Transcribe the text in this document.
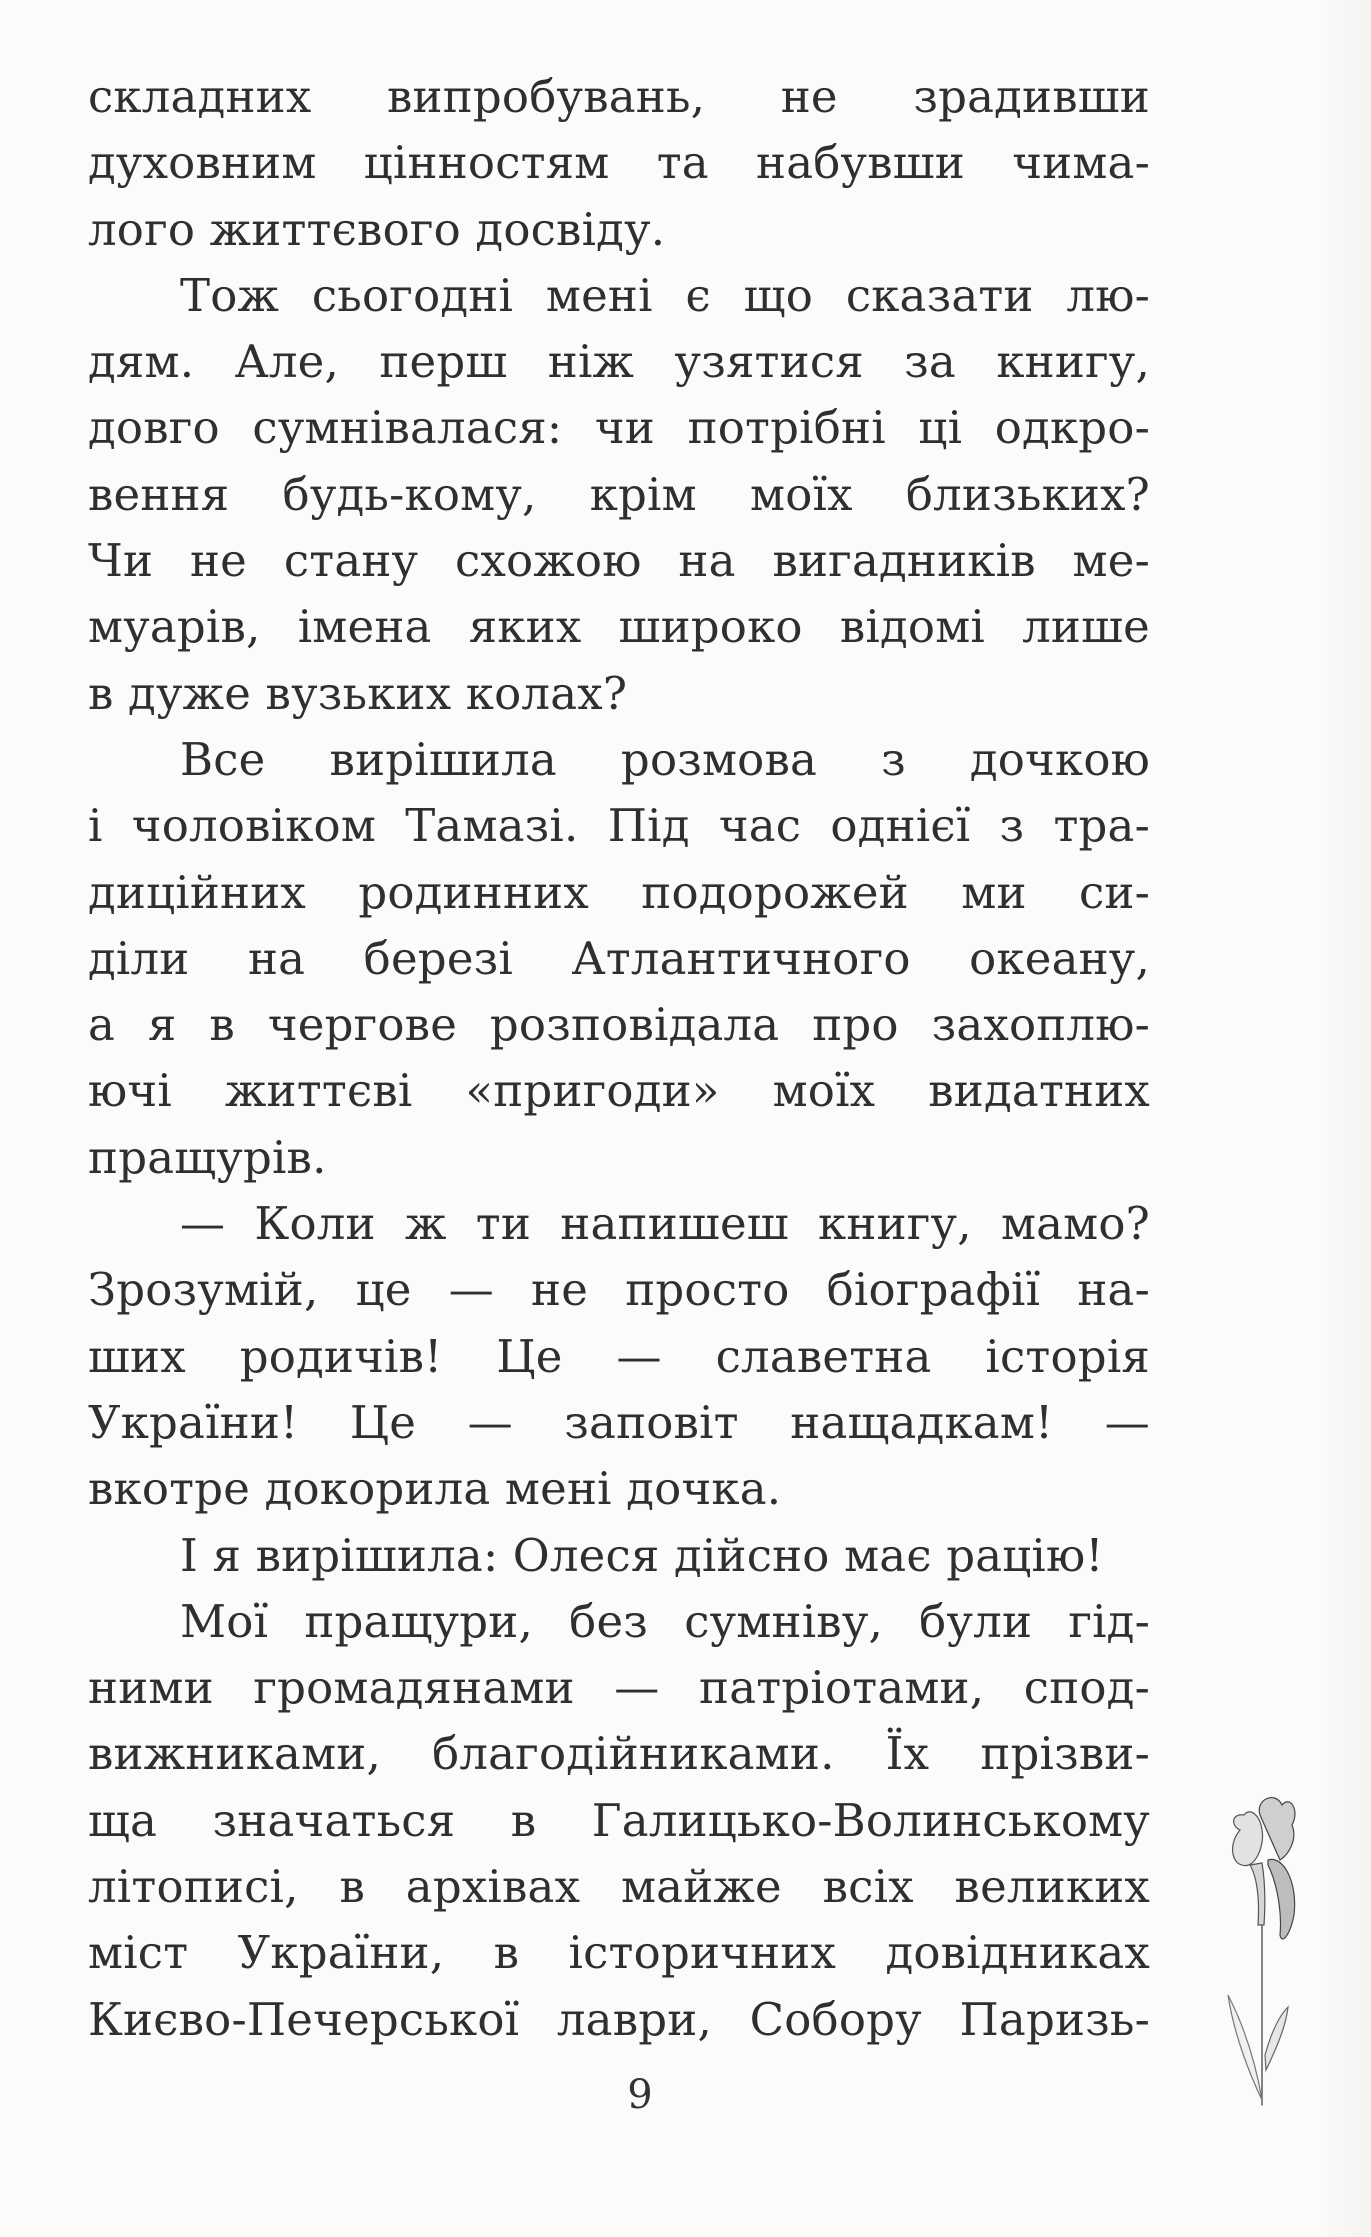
складних випробувань, не зрадивши
духовним цінностям та набувши чима-
лого життєвого досвіду.
Тож сьогодні мені є що сказати лю-
дям. Але, перш ніж узятися за книгу,
довго сумнівалася: чи потрібні ці одкро-
вення будь-кому, крім моїх близьких?
Чи не стану схожою на вигадників ме-
муарів, імена яких широко відомі лише
в дуже вузьких колах?
Все вирішила розмова з дочкою
і чоловіком Тамазі. Під час однієї з тра-
диційних родинних подорожей ми си-
діли на березі Атлантичного океану,
а я в чергове розповідала про захоплю-
ючі життєві «пригоди» моїх видатних
пращурів.
— Коли ж ти напишеш книгу, мамо?
Зрозумій, це — не просто біографії на-
ших родичів! Це — славетна історія
України! Це — заповіт нащадкам! —
вкотре докорила мені дочка.
І я вирішила: Олеся дійсно має рацію!
Мої пращури, без сумніву, були гід-
ними громадянами — патріотами, спод-
вижниками, благодійниками. Їх прізви-
ща значаться в Галицько-Волинському
літописі, в архівах майже всіх великих
міст України, в історичних довідниках
Києво-Печерської лаври, Собору Паризь-
9
